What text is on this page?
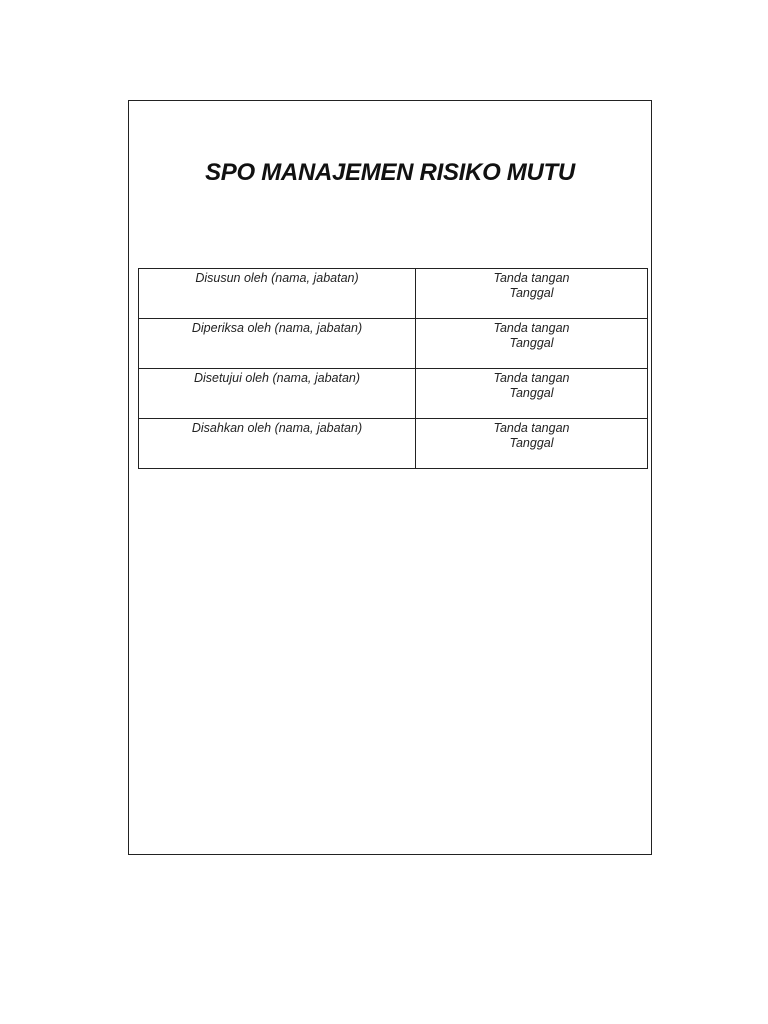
SPO MANAJEMEN RISIKO MUTU
Disusun oleh (nama, jabatan)	Tanda tangan
Tanggal

Diperiksa oleh (nama, jabatan)	Tanda tangan
Tanggal

Disetujui oleh (nama, jabatan)	Tanda tangan
Tanggal

Disahkan oleh (nama, jabatan)	Tanda tangan
Tanggal
